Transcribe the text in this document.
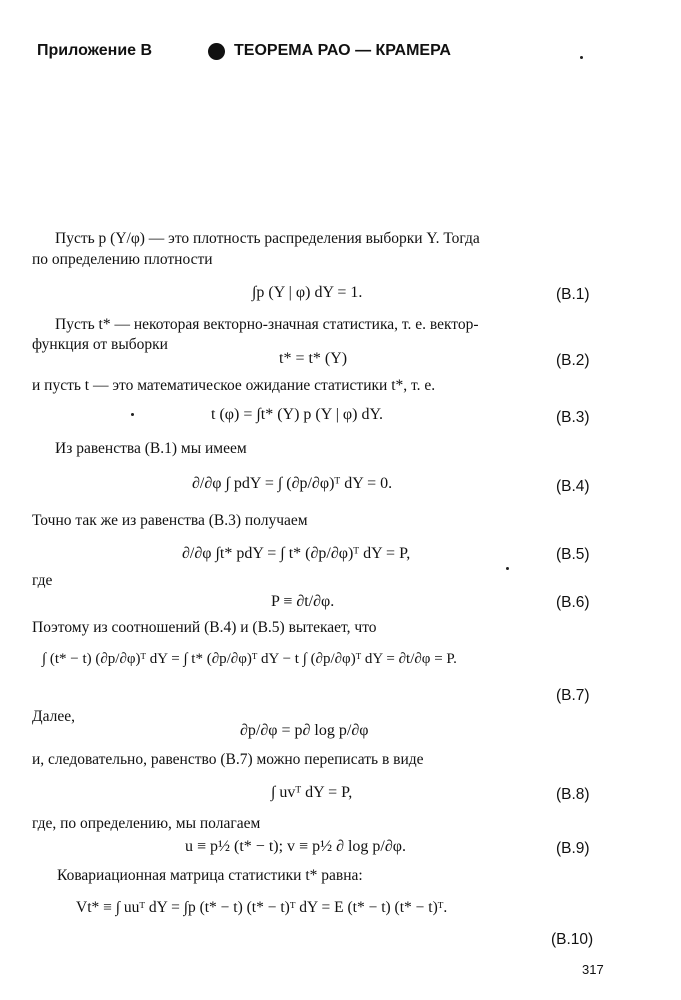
Приложение В	ТЕОРЕМА РАО — КРАМЕРА
Пусть p (Y/φ) — это плотность распределения выборки Y. Тогда
по определению плотности
∫p (Y | φ) dY = 1.	(В.1)
Пусть t* — некоторая векторно-значная статистика, т. е. вектор-
функция от выборки
t* = t* (Y)	(В.2)
и пусть t — это математическое ожидание статистики t*, т. е.
t (φ) = ∫t* (Y) p (Y | φ) dY.	(В.3)
Из равенства (В.1) мы имеем
∂/∂φ ∫ pdY = ∫ (∂p/∂φ)ᵀ dY = 0.	(В.4)
Точно так же из равенства (В.3) получаем
∂/∂φ ∫t* pdY = ∫ t* (∂p/∂φ)ᵀ dY = P,	(В.5)
где
P ≡ ∂t/∂φ.	(В.6)
Поэтому из соотношений (В.4) и (В.5) вытекает, что
∫ (t* − t) (∂p/∂φ)ᵀ dY = ∫ t* (∂p/∂φ)ᵀ dY − t ∫ (∂p/∂φ)ᵀ dY = ∂t/∂φ = P.
(В.7)
Далее,
∂p/∂φ = p∂ log p/∂φ
и, следовательно, равенство (В.7) можно переписать в виде
∫ uvᵀ dY = P,	(В.8)
где, по определению, мы полагаем
u ≡ p½ (t* − t); v ≡ p½ ∂ log p/∂φ.	(В.9)
Ковариационная матрица статистики t* равна:
Vt* ≡ ∫ uuᵀ dY = ∫p (t* − t) (t* − t)ᵀ dY = E (t* − t) (t* − t)ᵀ.
(В.10)
317
